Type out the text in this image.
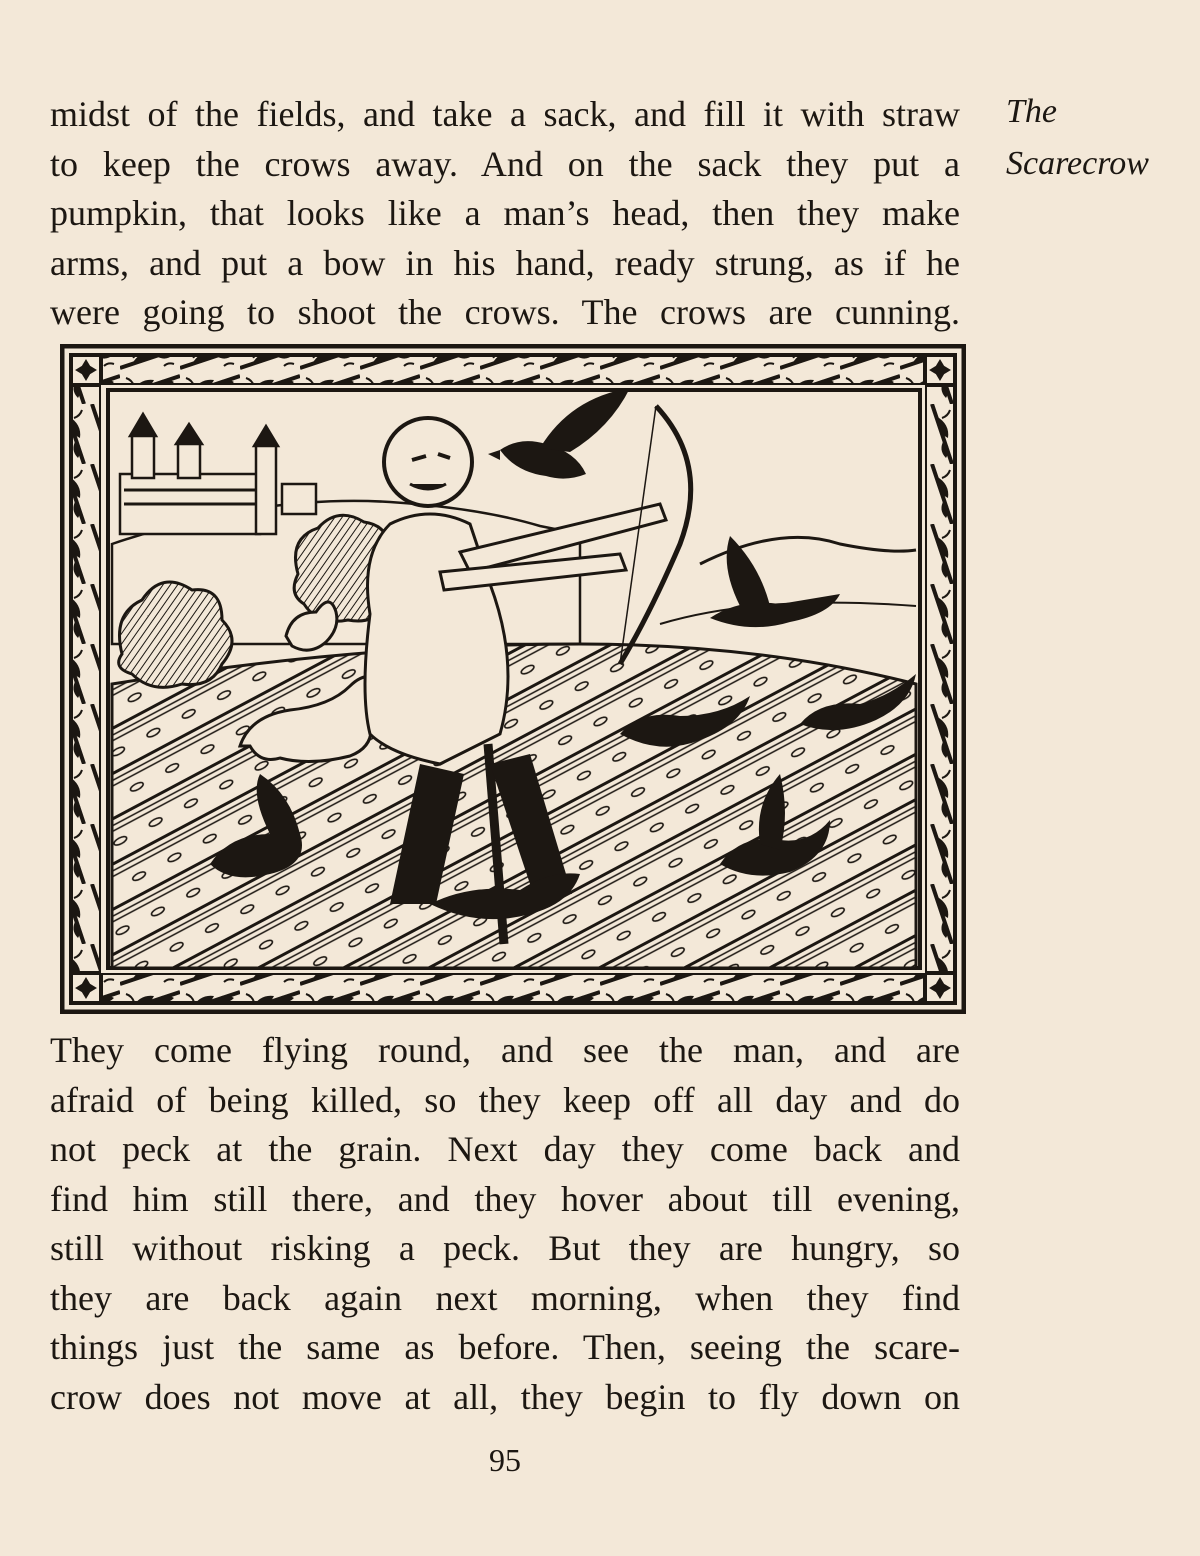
midst of the fields, and take a sack, and fill it with straw
to keep the crows away. And on the sack they put a
pumpkin, that looks like a man’s head, then they make
arms, and put a bow in his hand, ready strung, as if he
were going to shoot the crows. The crows are cunning.
The
Scarecrow
They come flying round, and see the man, and are
afraid of being killed, so they keep off all day and do
not peck at the grain. Next day they come back and
find him still there, and they hover about till evening,
still without risking a peck. But they are hungry, so
they are back again next morning, when they find
things just the same as before. Then, seeing the scare-
crow does not move at all, they begin to fly down on
95
